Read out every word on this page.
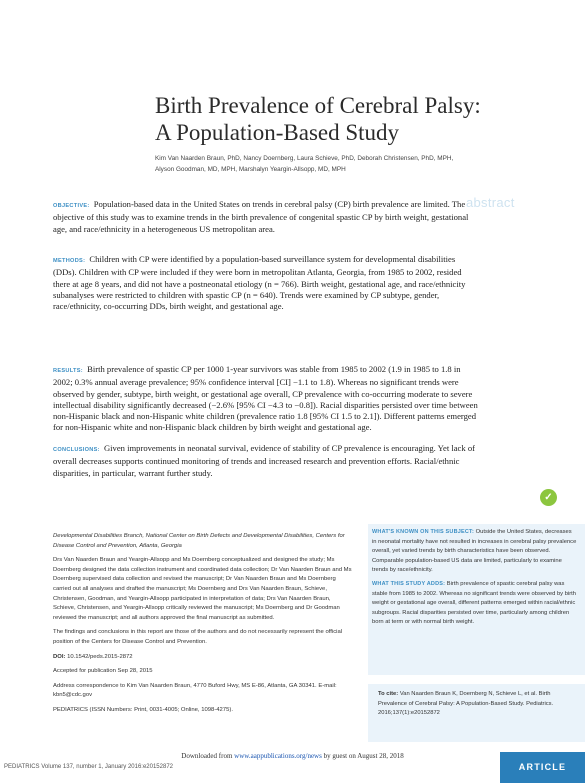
Birth Prevalence of Cerebral Palsy:
A Population-Based Study
Kim Van Naarden Braun, PhD, Nancy Doernberg, Laura Schieve, PhD, Deborah Christensen, PhD, MPH, Alyson Goodman, MD, MPH, Marshalyn Yeargin-Allsopp, MD, MPH
abstract
OBJECTIVE: Population-based data in the United States on trends in cerebral palsy (CP) birth prevalence are limited. The objective of this study was to examine trends in the birth prevalence of congenital spastic CP by birth weight, gestational age, and race/ethnicity in a heterogeneous US metropolitan area.
METHODS: Children with CP were identified by a population-based surveillance system for developmental disabilities (DDs). Children with CP were included if they were born in metropolitan Atlanta, Georgia, from 1985 to 2002, resided there at age 8 years, and did not have a postneonatal etiology (n = 766). Birth weight, gestational age, and race/ethnicity subanalyses were restricted to children with spastic CP (n = 640). Trends were examined by CP subtype, gender, race/ethnicity, co-occurring DDs, birth weight, and gestational age.
RESULTS: Birth prevalence of spastic CP per 1000 1-year survivors was stable from 1985 to 2002 (1.9 in 1985 to 1.8 in 2002; 0.3% annual average prevalence; 95% confidence interval [CI] −1.1 to 1.8). Whereas no significant trends were observed by gender, subtype, birth weight, or gestational age overall, CP prevalence with co-occurring moderate to severe intellectual disability significantly decreased (−2.6% [95% CI −4.3 to −0.8]). Racial disparities persisted over time between non-Hispanic black and non-Hispanic white children (prevalence ratio 1.8 [95% CI 1.5 to 2.1]). Different patterns emerged for non-Hispanic white and non-Hispanic black children by birth weight and gestational age.
CONCLUSIONS: Given improvements in neonatal survival, evidence of stability of CP prevalence is encouraging. Yet lack of overall decreases supports continued monitoring of trends and increased research and prevention efforts. Racial/ethnic disparities, in particular, warrant further study.
✓

Developmental Disabilities Branch, National Center on Birth Defects and Developmental Disabilities, Centers for Disease Control and Prevention, Atlanta, Georgia

Drs Van Naarden Braun and Yeargin-Allsopp and Ms Doernberg conceptualized and designed the study; Ms Doernberg designed the data collection instrument and coordinated data collection; Dr Van Naarden Braun and Ms Doernberg supervised data collection and revised the manuscript; Dr Van Naarden Braun and Ms Doernberg carried out all analyses and drafted the manuscript; Ms Doernberg and Drs Van Naarden Braun, Schieve, Christensen, Goodman, and Yeargin-Allsopp participated in interpretation of data; Drs Van Naarden Braun, Schieve, Christensen, and Yeargin-Allsopp critically reviewed the manuscript; Ms Doernberg and Dr Goodman reviewed the manuscript; and all authors approved the final manuscript as submitted.

The findings and conclusions in this report are those of the authors and do not necessarily represent the official position of the Centers for Disease Control and Prevention.

DOI: 10.1542/peds.2015-2872

Accepted for publication Sep 28, 2015

Address correspondence to Kim Van Naarden Braun, 4770 Buford Hwy, MS E-86, Atlanta, GA 30341. E-mail: kbn5@cdc.gov

PEDIATRICS (ISSN Numbers: Print, 0031-4005; Online, 1098-4275).

WHAT'S KNOWN ON THIS SUBJECT: Outside the United States, decreases in neonatal mortality have not resulted in increases in cerebral palsy prevalence overall, yet varied trends by birth characteristics have been observed. Comparable population-based US data are limited, particularly to examine trends by race/ethnicity.

WHAT THIS STUDY ADDS: Birth prevalence of spastic cerebral palsy was stable from 1985 to 2002. Whereas no significant trends were observed by birth weight or gestational age overall, different patterns emerged within racial/ethnic subgroups. Racial disparities persisted over time, particularly among children born at term or with normal birth weight.

To cite: Van Naarden Braun K, Doernberg N, Schieve L, et al. Birth Prevalence of Cerebral Palsy: A Population-Based Study. Pediatrics. 2016;137(1):e20152872
Downloaded from www.aappublications.org/news by guest on August 28, 2018
PEDIATRICS Volume 137, number 1, January 2016:e20152872	ARTICLE
